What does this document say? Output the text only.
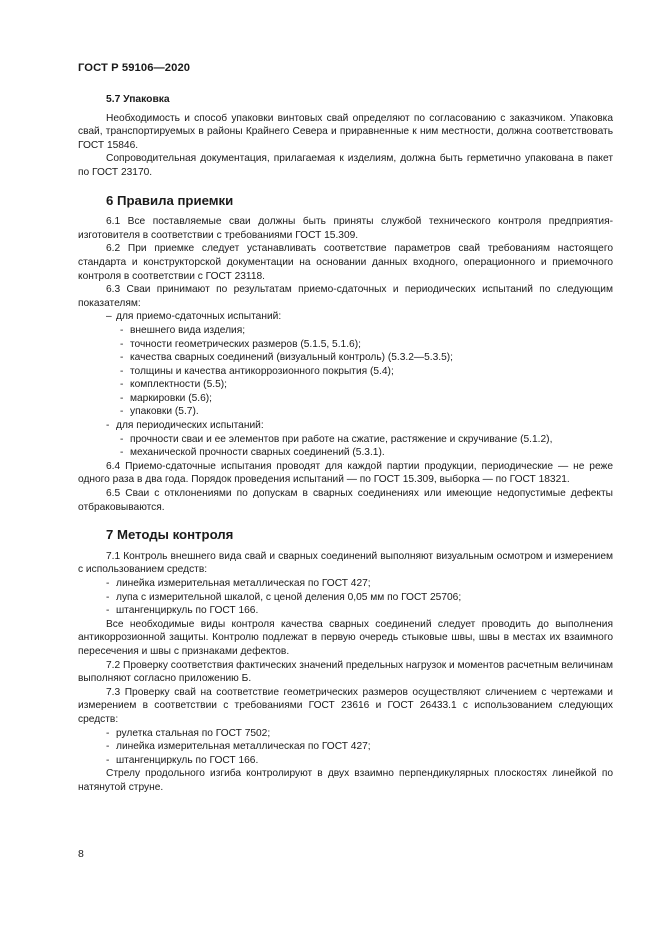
ГОСТ Р 59106—2020
5.7 Упаковка

Необходимость и способ упаковки винтовых свай определяют по согласованию с заказчиком. Упаковка свай, транспортируемых в районы Крайнего Севера и приравненные к ним местности, должна соответствовать ГОСТ 15846.

Сопроводительная документация, прилагаемая к изделиям, должна быть герметично упакована в пакет по ГОСТ 23170.

6 Правила приемки

6.1 Все поставляемые сваи должны быть приняты службой технического контроля предприятия-изготовителя в соответствии с требованиями ГОСТ 15.309.

6.2 При приемке следует устанавливать соответствие параметров свай требованиям настоящего стандарта и конструкторской документации на основании данных входного, операционного и приемочного контроля в соответствии с ГОСТ 23118.

6.3 Сваи принимают по результатам приемо-сдаточных и периодических испытаний по следующим показателям:

– для приемо-сдаточных испытаний:
- внешнего вида изделия;
- точности геометрических размеров (5.1.5, 5.1.6);
- качества сварных соединений (визуальный контроль) (5.3.2—5.3.5);
- толщины и качества антикоррозионного покрытия (5.4);
- комплектности (5.5);
- маркировки (5.6);
- упаковки (5.7).
- для периодических испытаний:
- прочности сваи и ее элементов при работе на сжатие, растяжение и скручивание (5.1.2),
- механической прочности сварных соединений (5.3.1).

6.4 Приемо-сдаточные испытания проводят для каждой партии продукции, периодические — не реже одного раза в два года. Порядок проведения испытаний — по ГОСТ 15.309, выборка — по ГОСТ 18321.

6.5 Сваи с отклонениями по допускам в сварных соединениях или имеющие недопустимые дефекты отбраковываются.

7 Методы контроля

7.1 Контроль внешнего вида свай и сварных соединений выполняют визуальным осмотром и измерением с использованием средств:

- линейка измерительная металлическая по ГОСТ 427;
- лупа с измерительной шкалой, с ценой деления 0,05 мм по ГОСТ 25706;
- штангенциркуль по ГОСТ 166.

Все необходимые виды контроля качества сварных соединений следует проводить до выполнения антикоррозионной защиты. Контролю подлежат в первую очередь стыковые швы, швы в местах их взаимного пересечения и швы с признаками дефектов.

7.2 Проверку соответствия фактических значений предельных нагрузок и моментов расчетным величинам выполняют согласно приложению Б.

7.3 Проверку свай на соответствие геометрических размеров осуществляют сличением с чертежами и измерением в соответствии с требованиями ГОСТ 23616 и ГОСТ 26433.1 с использованием следующих средств:

- рулетка стальная по ГОСТ 7502;
- линейка измерительная металлическая по ГОСТ 427;
- штангенциркуль по ГОСТ 166.

Стрелу продольного изгиба контролируют в двух взаимно перпендикулярных плоскостях линейкой по натянутой струне.

8
